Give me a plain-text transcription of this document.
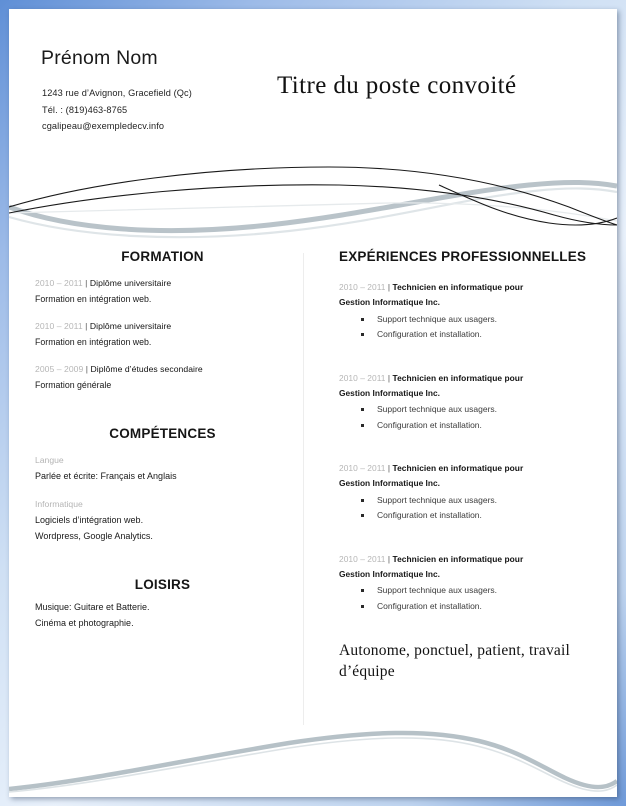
Prénom Nom
1243 rue d’Avignon, Gracefield (Qc)
Tél. : (819)463-8765
cgalipeau@exempledecv.info
Titre du poste convoité
FORMATION
2010 – 2011 | Diplôme universitaire
Formation en intégration web.
2010 – 2011 | Diplôme universitaire
Formation en intégration web.
2005 – 2009 | Diplôme d’études secondaire
Formation générale
COMPÉTENCES
Langue
Parlée et écrite: Français et Anglais
Informatique
Logiciels d’intégration web.
Wordpress, Google Analytics.
LOISIRS
Musique: Guitare et Batterie.
Cinéma et photographie.
EXPÉRIENCES PROFESSIONNELLES
2010 – 2011 | Technicien en informatique pour
Gestion Informatique Inc.
Support technique aux usagers.
Configuration et installation.
2010 – 2011 | Technicien en informatique pour
Gestion Informatique Inc.
Support technique aux usagers.
Configuration et installation.
2010 – 2011 | Technicien en informatique pour
Gestion Informatique Inc.
Support technique aux usagers.
Configuration et installation.
2010 – 2011 | Technicien en informatique pour
Gestion Informatique Inc.
Support technique aux usagers.
Configuration et installation.
Autonome, ponctuel, patient, travail d’équipe
